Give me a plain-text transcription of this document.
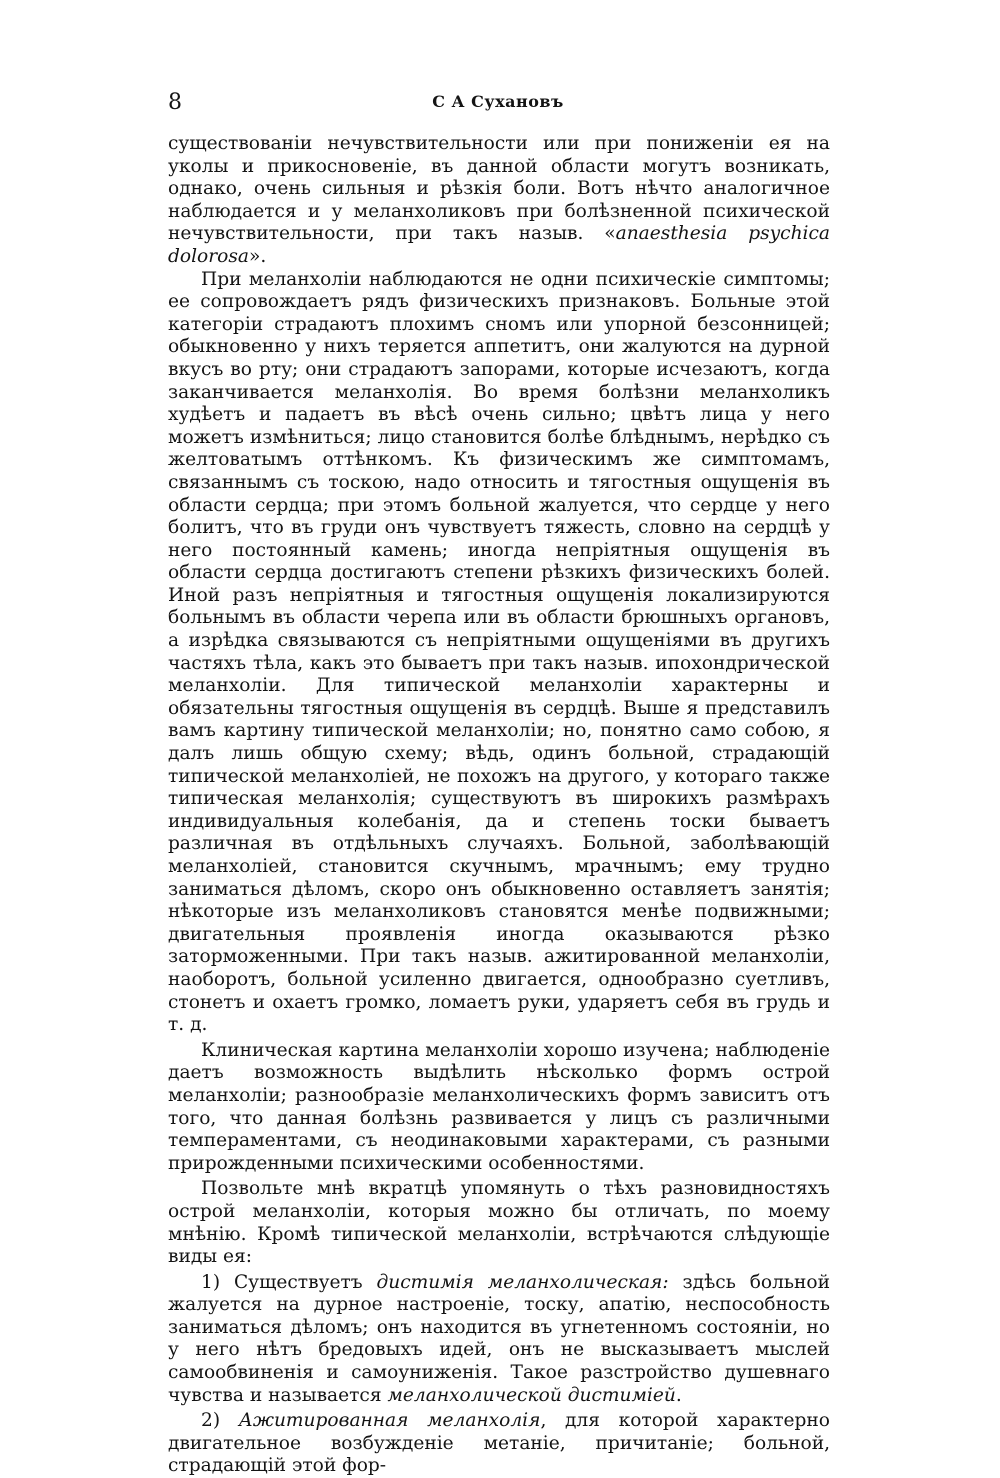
8	С А Сухановъ

существованіи нечувствительности или при пониженіи ея на уколы и прикосновеніе, въ данной области могутъ возникать, однако, очень сильныя и рѣзкія боли. Вотъ нѣчто аналогичное наблюдается и у меланхоликовъ при болѣзненной психической нечувствительности, при такъ назыв. «anaesthesia psychica dolorosa».

При меланхоліи наблюдаются не одни психическіе симптомы; ее сопровождаетъ рядъ физическихъ признаковъ. Больные этой категоріи страдаютъ плохимъ сномъ или упорной безсонницей; обыкновенно у нихъ теряется аппетитъ, они жалуются на дурной вкусъ во рту; они страдаютъ запорами, которые исчезаютъ, когда заканчивается меланхолія. Во время болѣзни меланхоликъ худѣетъ и падаетъ въ вѣсѣ очень сильно; цвѣтъ лица у него можетъ измѣниться; лицо становится болѣе блѣднымъ, нерѣдко съ желтоватымъ оттѣнкомъ. Къ физическимъ же симптомамъ, связаннымъ съ тоскою, надо относить и тягостныя ощущенія въ области сердца; при этомъ больной жалуется, что сердце у него болитъ, что въ груди онъ чувствуетъ тяжесть, словно на сердцѣ у него постоянный камень; иногда непріятныя ощущенія въ области сердца достигаютъ степени рѣзкихъ физическихъ болей. Иной разъ непріятныя и тягостныя ощущенія локализируются больнымъ въ области черепа или въ области брюшныхъ органовъ, а изрѣдка связываются съ непріятными ощущеніями въ другихъ частяхъ тѣла, какъ это бываетъ при такъ назыв. ипохондрической меланхоліи. Для типической меланхоліи характерны и обязательны тягостныя ощущенія въ сердцѣ. Выше я представилъ вамъ картину типической меланхоліи; но, понятно само собою, я далъ лишь общую схему; вѣдь, одинъ больной, страдающій типической меланхоліей, не похожъ на другого, у котораго также типическая меланхолія; существуютъ въ широкихъ размѣрахъ индивидуальныя колебанія, да и степень тоски бываетъ различная въ отдѣльныхъ случаяхъ. Больной, заболѣвающій меланхоліей, становится скучнымъ, мрачнымъ; ему трудно заниматься дѣломъ, скоро онъ обыкновенно оставляетъ занятія; нѣкоторые изъ меланхоликовъ становятся менѣе подвижными; двигательныя проявленія иногда оказываются рѣзко заторможенными. При такъ назыв. ажитированной меланхоліи, наоборотъ, больной усиленно двигается, однообразно суетливъ, стонетъ и охаетъ громко, ломаетъ руки, ударяетъ себя въ грудь и т. д.

Клиническая картина меланхоліи хорошо изучена; наблюденіе даетъ возможность выдѣлить нѣсколько формъ острой меланхоліи; разнообразіе меланхолическихъ формъ зависитъ отъ того, что данная болѣзнь развивается у лицъ съ различными темпераментами, съ неодинаковыми характерами, съ разными прирожденными психическими особенностями.

Позвольте мнѣ вкратцѣ упомянуть о тѣхъ разновидностяхъ острой меланхоліи, которыя можно бы отличать, по моему мнѣнію. Кромѣ типической меланхоліи, встрѣчаются слѣдующіе виды ея:

1) Существуетъ дистимія меланхолическая: здѣсь больной жалуется на дурное настроеніе, тоску, апатію, неспособность заниматься дѣломъ; онъ находится въ угнетенномъ состояніи, но у него нѣтъ бредовыхъ идей, онъ не высказываетъ мыслей самообвиненія и самоуниженія. Такое разстройство душевнаго чувства и называется меланхолической дистиміей.

2) Ажитированная меланхолія, для которой характерно двигательное возбужденіе метаніе, причитаніе; больной, страдающій этой фор-
